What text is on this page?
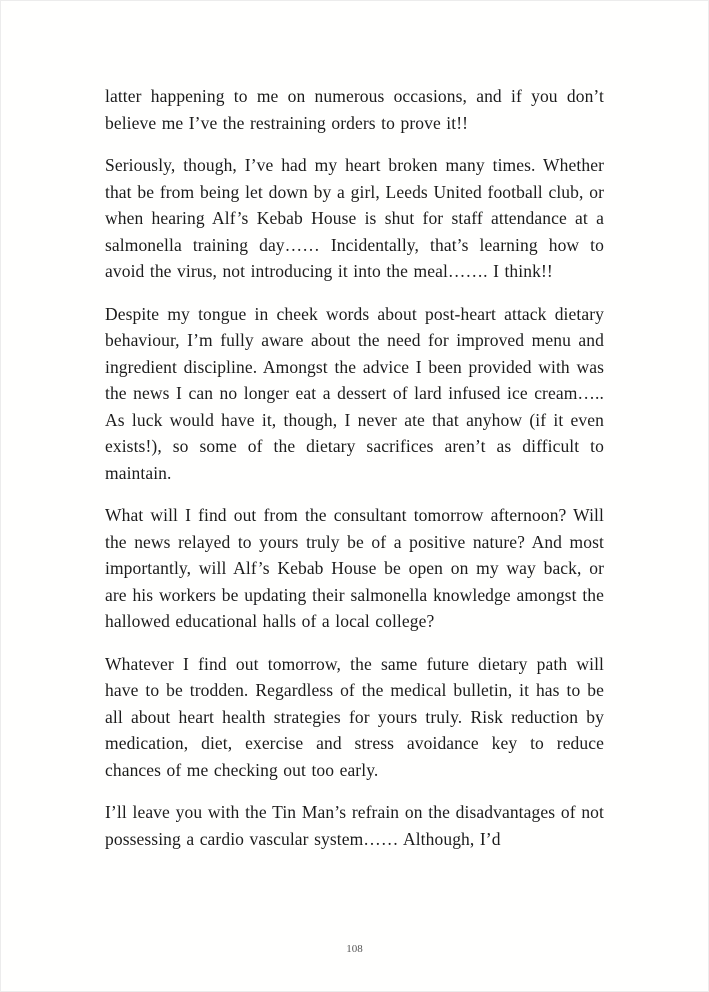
latter happening to me on numerous occasions, and if you don’t believe me I’ve the restraining orders to prove it!!

Seriously, though, I’ve had my heart broken many times. Whether that be from being let down by a girl, Leeds United football club, or when hearing Alf’s Kebab House is shut for staff attendance at a salmonella training day…… Incidentally, that’s learning how to avoid the virus, not introducing it into the meal……. I think!!

Despite my tongue in cheek words about post-heart attack dietary behaviour, I’m fully aware about the need for improved menu and ingredient discipline. Amongst the advice I been provided with was the news I can no longer eat a dessert of lard infused ice cream….. As luck would have it, though, I never ate that anyhow (if it even exists!), so some of the dietary sacrifices aren’t as difficult to maintain.

What will I find out from the consultant tomorrow afternoon? Will the news relayed to yours truly be of a positive nature? And most importantly, will Alf’s Kebab House be open on my way back, or are his workers be updating their salmonella knowledge amongst the hallowed educational halls of a local college?

Whatever I find out tomorrow, the same future dietary path will have to be trodden. Regardless of the medical bulletin, it has to be all about heart health strategies for yours truly. Risk reduction by medication, diet, exercise and stress avoidance key to reduce chances of me checking out too early.

I’ll leave you with the Tin Man’s refrain on the disadvantages of not possessing a cardio vascular system…… Although, I’d

108
